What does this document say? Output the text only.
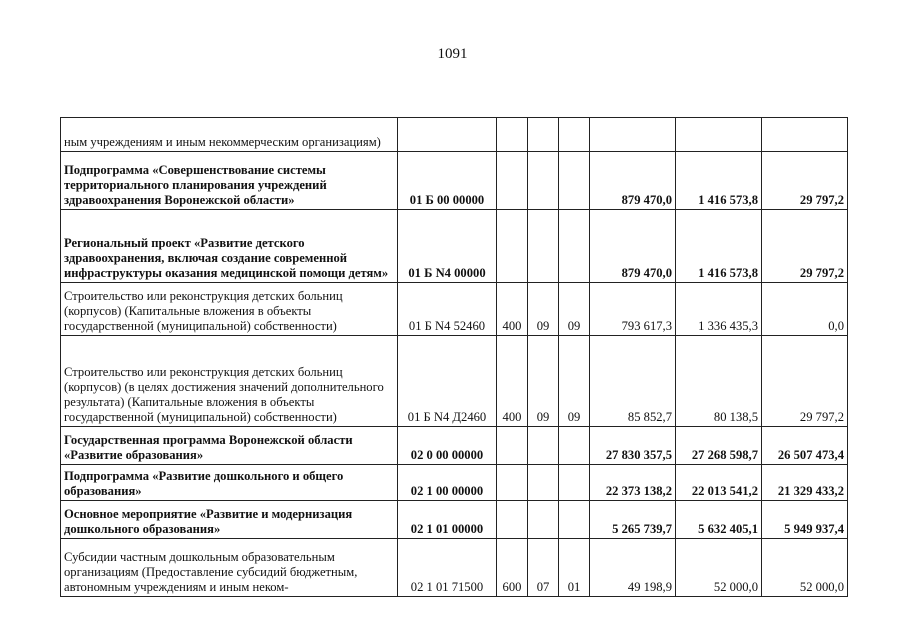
1091
ным учреждениям и иным некоммерческим организациям)							
Подпрограмма «Совершенствование системы территориального планирования учреждений здравоохранения Воронежской области»	01 Б 00 00000				879 470,0	1 416 573,8	29 797,2
Региональный проект «Развитие детского здравоохранения, включая создание современной инфраструктуры оказания медицинской помощи детям»	01 Б N4 00000				879 470,0	1 416 573,8	29 797,2
Строительство или реконструкция детских больниц (корпусов) (Капитальные вложения в объекты государственной (муниципальной) собственности)	01 Б N4 52460	400	09	09	793 617,3	1 336 435,3	0,0
Строительство или реконструкция детских больниц (корпусов) (в целях достижения значений дополнительного результата) (Капитальные вложения в объекты государственной (муниципальной) собственности)	01 Б N4 Д2460	400	09	09	85 852,7	80 138,5	29 797,2
Государственная программа Воронежской области «Развитие образования»	02 0 00 00000				27 830 357,5	27 268 598,7	26 507 473,4
Подпрограмма «Развитие дошкольного и общего образования»	02 1 00 00000				22 373 138,2	22 013 541,2	21 329 433,2
Основное мероприятие «Развитие и модернизация дошкольного образования»	02 1 01 00000				5 265 739,7	5 632 405,1	5 949 937,4
Субсидии частным дошкольным образовательным организациям (Предоставление субсидий бюджетным, автономным учреждениям и иным неком-	02 1 01 71500	600	07	01	49 198,9	52 000,0	52 000,0
